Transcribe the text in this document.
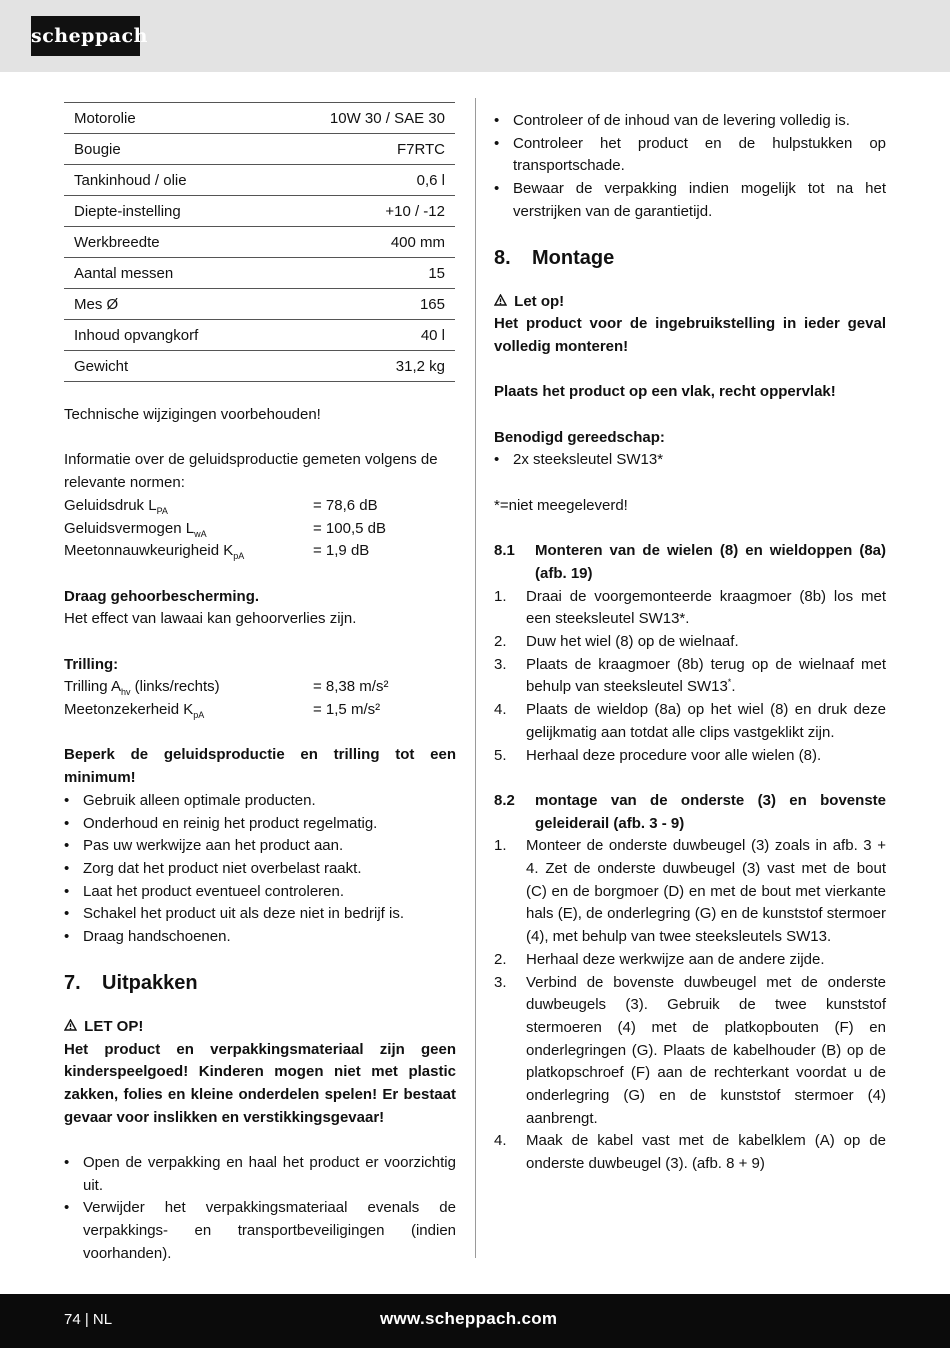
scheppach
Motorolie	10W 30 / SAE 30
Bougie	F7RTC
Tankinhoud / olie	0,6 l
Diepte-instelling	+10 / -12
Werkbreedte	400 mm
Aantal messen	15
Mes Ø	165
Inhoud opvangkorf	40 l
Gewicht	31,2 kg

Technische wijzigingen voorbehouden!

Informatie over de geluidsproductie gemeten volgens de relevante normen:

Geluidsdruk $L_{PA}$	= 78,6 dB
Geluidsvermogen $L_{wA}$	= 100,5 dB
Meetonnauwkeurigheid $K_{pA}$	= 1,9 dB

Draag gehoorbescherming.

Het effect van lawaai kan gehoorverlies zijn.

Trilling:

Trilling $A_{hv}$ (links/rechts)	= 8,38 m/s²
Meetonzekerheid $K_{pA}$	= 1,5 m/s²

Beperk de geluidsproductie en trilling tot een minimum!

• Gebruik alleen optimale producten.
• Onderhoud en reinig het product regelmatig.
• Pas uw werkwijze aan het product aan.
• Zorg dat het product niet overbelast raakt.
• Laat het product eventueel controleren.
• Schakel het product uit als deze niet in bedrijf is.
• Draag handschoenen.
7. Uitpakken

LET OP!

Het product en verpakkingsmateriaal zijn geen kinderspeelgoed! Kinderen mogen niet met plastic zakken, folies en kleine onderdelen spelen! Er bestaat gevaar voor inslikken en verstikkingsgevaar!

• Open de verpakking en haal het product er voorzichtig uit.
• Verwijder het verpakkingsmateriaal evenals de verpakkings- en transportbeveiligingen (indien voorhanden).
• Controleer of de inhoud van de levering volledig is.
• Controleer het product en de hulpstukken op transportschade.
• Bewaar de verpakking indien mogelijk tot na het verstrijken van de garantietijd.
8. Montage

Let op!

Het product voor de ingebruikstelling in ieder geval volledig monteren!

Plaats het product op een vlak, recht oppervlak!

Benodigd gereedschap:

• 2x steeksleutel SW13*

*=niet meegeleverd!

8.1 Monteren van de wielen (8) en wieldoppen (8a) (afb. 19)
1. Draai de voorgemonteerde kraagmoer (8b) los met een steeksleutel SW13*.
2. Duw het wiel (8) op de wielnaaf.
3. Plaats de kraagmoer (8b) terug op de wielnaaf met behulp van steeksleutel SW13*.
4. Plaats de wieldop (8a) op het wiel (8) en druk deze gelijkmatig aan totdat alle clips vastgeklikt zijn.
5. Herhaal deze procedure voor alle wielen (8).
8.2 montage van de onderste (3) en bovenste geleiderail (afb. 3 - 9)
1. Monteer de onderste duwbeugel (3) zoals in afb. 3 + 4. Zet de onderste duwbeugel (3) vast met de bout (C) en de borgmoer (D) en met de bout met vierkante hals (E), de onderlegring (G) en de kunststof stermoer (4), met behulp van twee steeksleutels SW13.
2. Herhaal deze werkwijze aan de andere zijde.
3. Verbind de bovenste duwbeugel met de onderste duwbeugels (3). Gebruik de twee kunststof stermoeren (4) met de platkopbouten (F) en onderlegringen (G). Plaats de kabelhouder (B) op de platkopschroef (F) aan de rechterkant voordat u de onderlegring (G) en de kunststof stermoer (4) aanbrengt.
4. Maak de kabel vast met de kabelklem (A) op de onderste duwbeugel (3). (afb. 8 + 9)
74 | NL	www.scheppach.com
